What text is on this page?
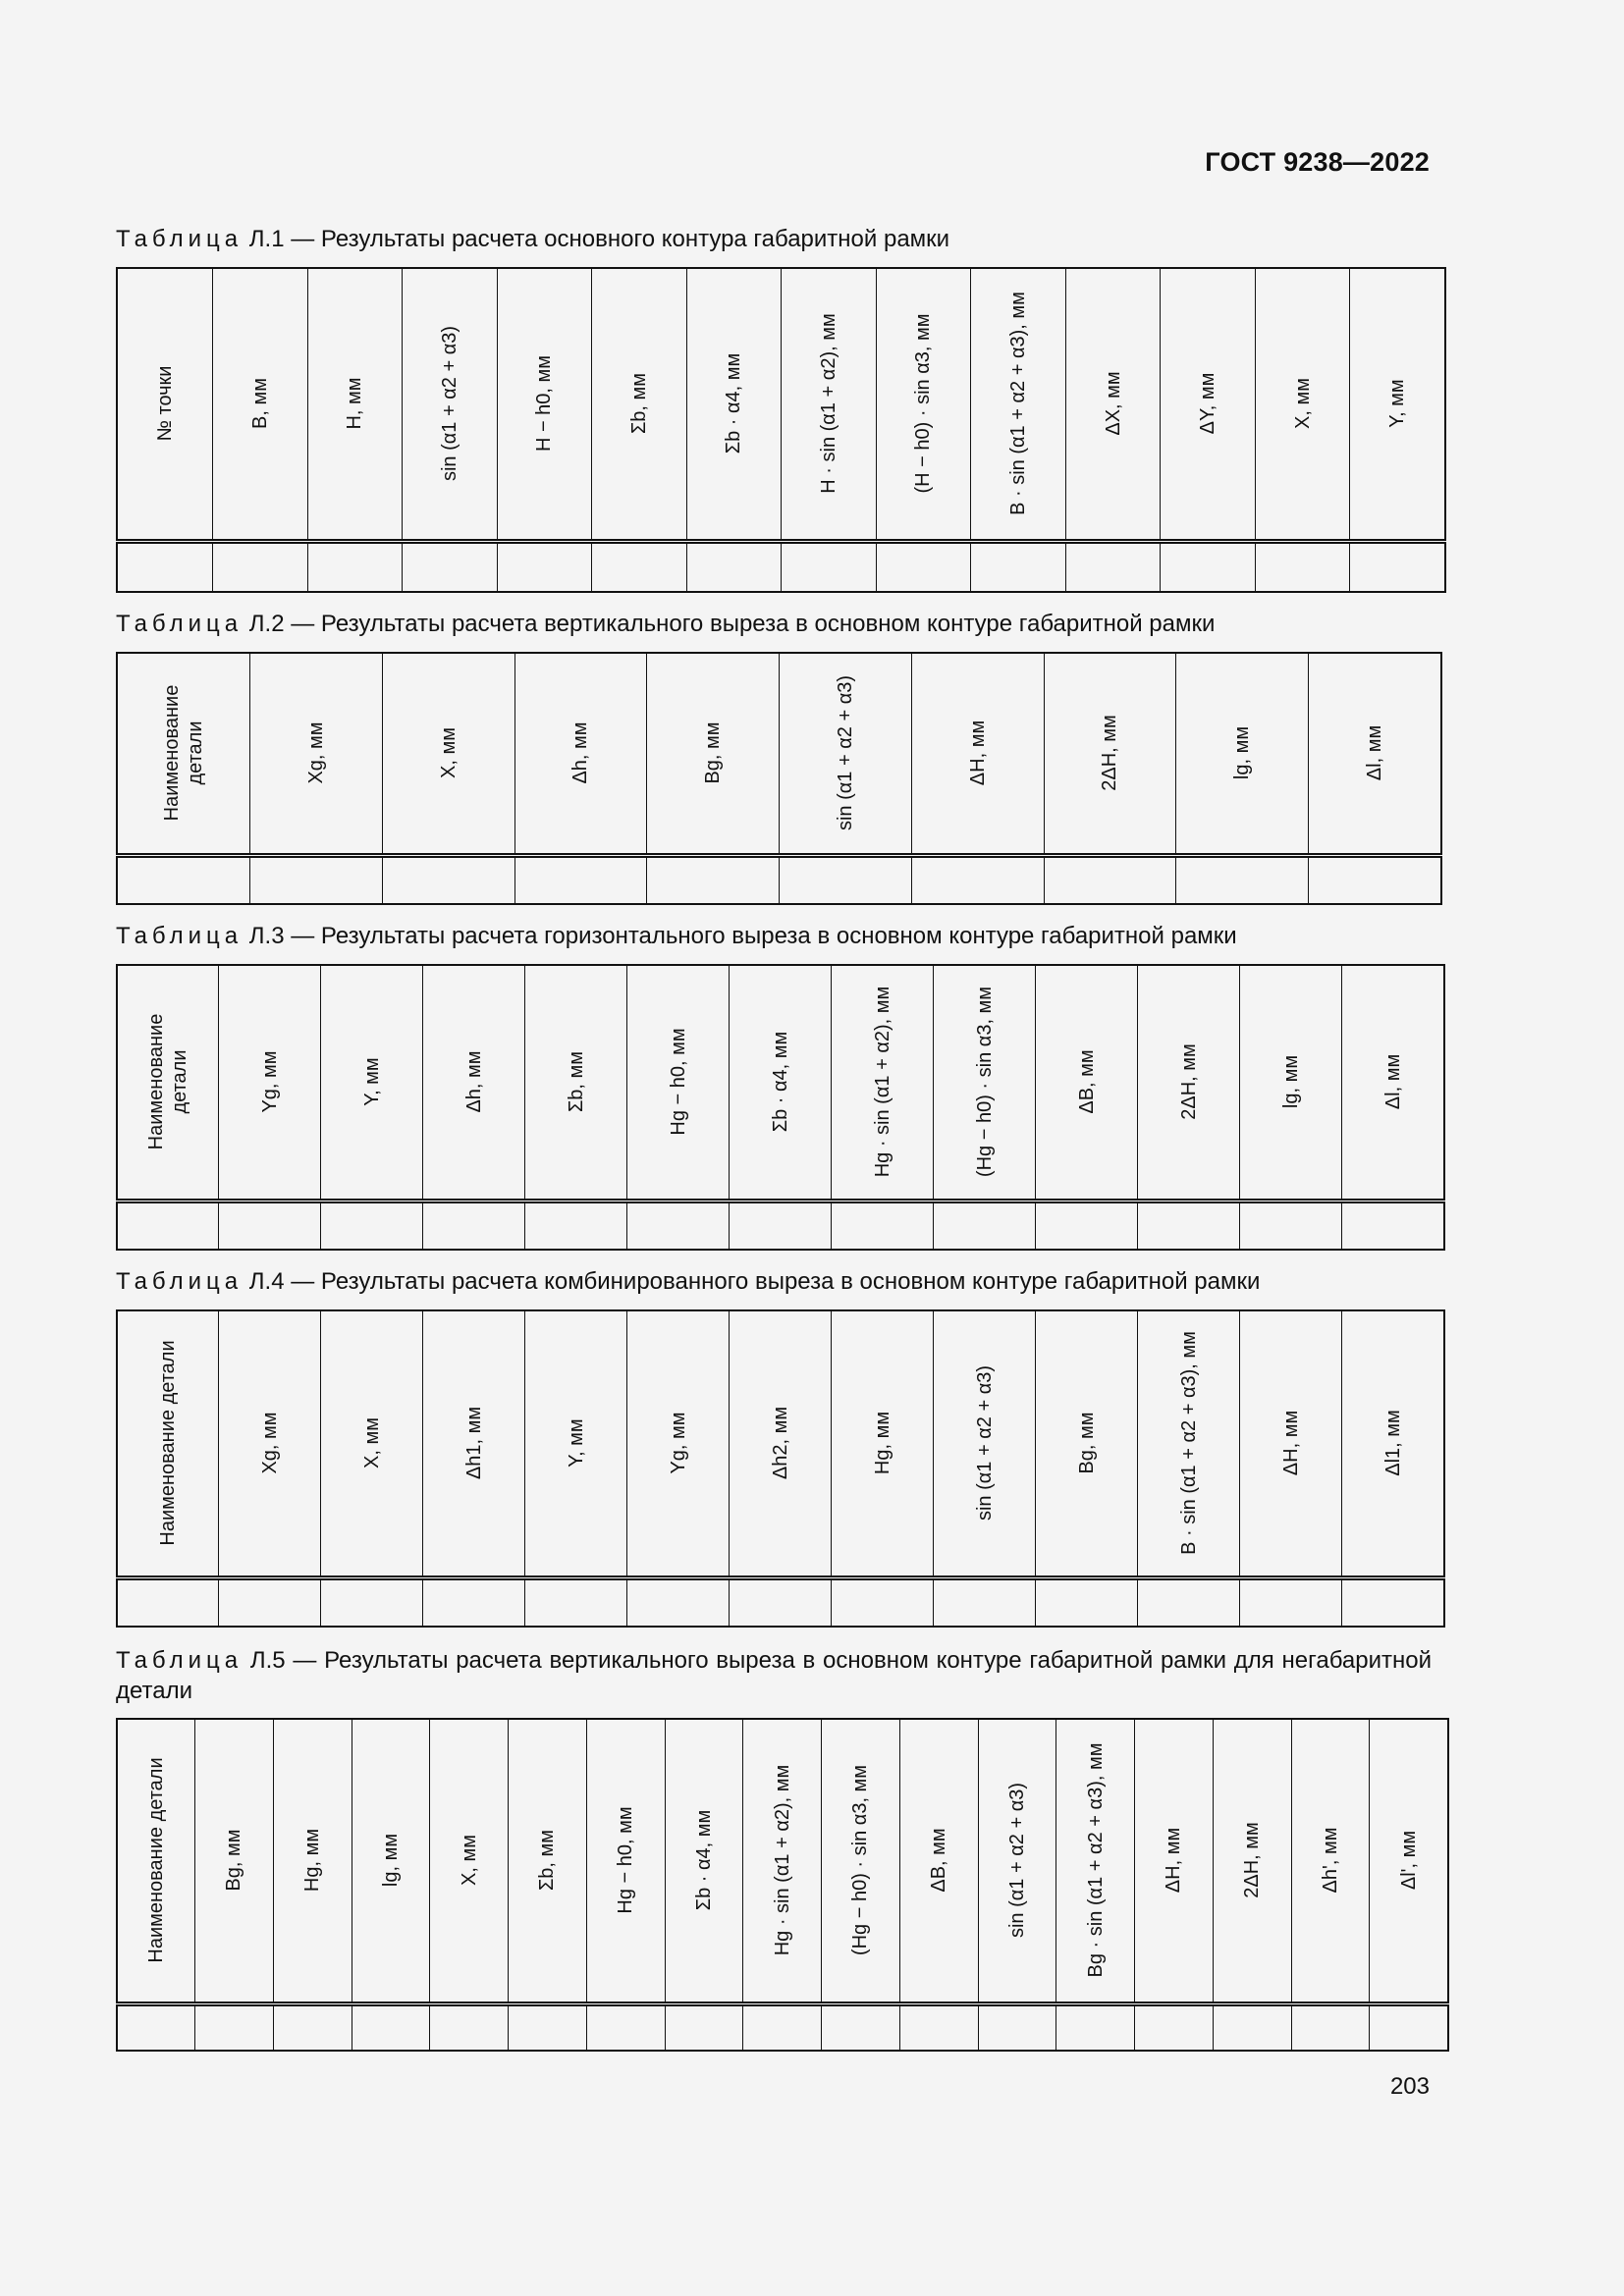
ГОСТ 9238—2022
Таблица Л.1 — Результаты расчета основного контура габаритной рамки
№ точки	B, мм	H, мм	sin (α1 + α2 + α3)	H − h0, мм	Σb, мм	Σb · α4, мм	H · sin (α1 + α2), мм	(H − h0) · sin α3, мм	B · sin (α1 + α2 + α3), мм	ΔX, мм	ΔY, мм	X, мм	Y, мм

Таблица Л.2 — Результаты расчета вертикального выреза в основном контуре габаритной рамки
Наименование детали	Xg, мм	X, мм	Δh, мм	Bg, мм	sin (α1 + α2 + α3)	ΔH, мм	2ΔH, мм	lg, мм	Δl, мм

Таблица Л.3 — Результаты расчета горизонтального выреза в основном контуре габаритной рамки
Наименование детали	Yg, мм	Y, мм	Δh, мм	Σb, мм	Hg − h0, мм	Σb · α4, мм	Hg · sin (α1 + α2), мм	(Hg − h0) · sin α3, мм	ΔB, мм	2ΔH, мм	lg, мм	Δl, мм

Таблица Л.4 — Результаты расчета комбинированного выреза в основном контуре габаритной рамки
Наименование детали	Xg, мм	X, мм	Δh1, мм	Y, мм	Yg, мм	Δh2, мм	Hg, мм	sin (α1 + α2 + α3)	Bg, мм	B · sin (α1 + α2 + α3), мм	ΔH, мм	Δl1, мм

Таблица Л.5 — Результаты расчета вертикального выреза в основном контуре габаритной рамки для негабаритной детали
Наименование детали	Bg, мм	Hg, мм	lg, мм	X, мм	Σb, мм	Hg − h0, мм	Σb · α4, мм	Hg · sin (α1 + α2), мм	(Hg − h0) · sin α3, мм	ΔB, мм	sin (α1 + α2 + α3)	Bg · sin (α1 + α2 + α3), мм	ΔH, мм	2ΔH, мм	Δh', мм	Δl', мм

203
